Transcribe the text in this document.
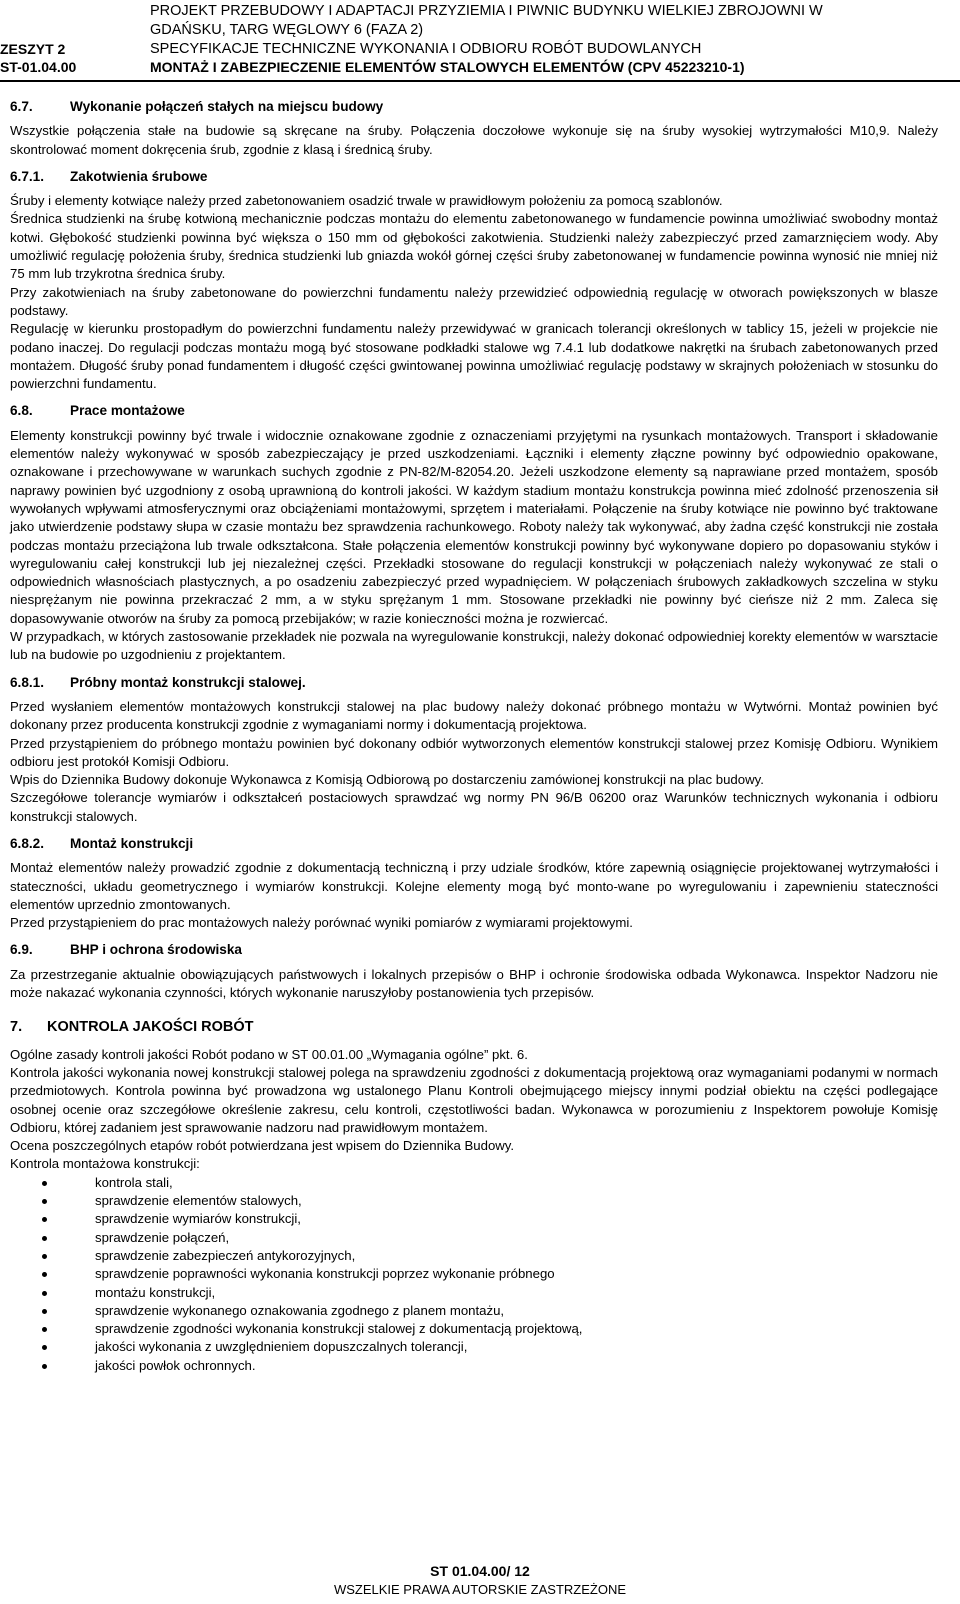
ZESZYT 2
ST-01.04.00
PROJEKT PRZEBUDOWY I ADAPTACJI PRZYZIEMIA I PIWNIC BUDYNKU WIELKIEJ ZBROJOWNI W
GDAŃSKU, TARG WĘGLOWY 6 (FAZA 2)
SPECYFIKACJE TECHNICZNE WYKONANIA I ODBIORU ROBÓT BUDOWLANYCH
MONTAŻ I ZABEZPIECZENIE ELEMENTÓW STALOWYCH ELEMENTÓW (CPV 45223210-1)
6.7.	Wykonanie połączeń stałych na miejscu budowy

Wszystkie połączenia stałe na budowie są skręcane na śruby. Połączenia doczołowe wykonuje się na śruby wysokiej wytrzymałości M10,9. Należy skontrolować moment dokręcenia śrub, zgodnie z klasą i średnicą śruby.

6.7.1. Zakotwienia śrubowe

Śruby i elementy kotwiące należy przed zabetonowaniem osadzić trwale w prawidłowym położeniu za pomocą szablonów.

Średnica studzienki na śrubę kotwioną mechanicznie podczas montażu do elementu zabetonowanego w fundamencie powinna umożliwiać swobodny montaż kotwi. Głębokość studzienki powinna być większa o 150 mm od głębokości zakotwienia. Studzienki należy zabezpieczyć przed zamarznięciem wody. Aby umożliwić regulację położenia śruby, średnica studzienki lub gniazda wokół górnej części śruby zabetonowanej w fundamencie powinna wynosić nie mniej niż 75 mm lub trzykrotna średnica śruby.

Przy zakotwieniach na śruby zabetonowane do powierzchni fundamentu należy przewidzieć odpowiednią regulację w otworach powiększonych w blasze podstawy.

Regulację w kierunku prostopadłym do powierzchni fundamentu należy przewidywać w granicach tolerancji określonych w tablicy 15, jeżeli w projekcie nie podano inaczej. Do regulacji podczas montażu mogą być stosowane podkładki stalowe wg 7.4.1 lub dodatkowe nakrętki na śrubach zabetonowanych przed montażem. Długość śruby ponad fundamentem i długość części gwintowanej powinna umożliwiać regulację podstawy w skrajnych położeniach w stosunku do powierzchni fundamentu.

6.8.	Prace montażowe

Elementy konstrukcji powinny być trwale i widocznie oznakowane zgodnie z oznaczeniami przyjętymi na rysunkach montażowych. Transport i składowanie elementów należy wykonywać w sposób zabezpieczający je przed uszkodzeniami. Łączniki i elementy złączne powinny być odpowiednio opakowane, oznakowane i przechowywane w warunkach suchych zgodnie z PN-82/M-82054.20. Jeżeli uszkodzone elementy są naprawiane przed montażem, sposób naprawy powinien być uzgodniony z osobą uprawnioną do kontroli jakości. W każdym stadium montażu konstrukcja powinna mieć zdolność przenoszenia sił wywołanych wpływami atmosferycznymi oraz obciążeniami montażowymi, sprzętem i materiałami. Połączenie na śruby kotwiące nie powinno być traktowane jako utwierdzenie podstawy słupa w czasie montażu bez sprawdzenia rachunkowego. Roboty należy tak wykonywać, aby żadna część konstrukcji nie została podczas montażu przeciążona lub trwale odkształcona. Stałe połączenia elementów konstrukcji powinny być wykonywane dopiero po dopasowaniu styków i wyregulowaniu całej konstrukcji lub jej niezależnej części. Przekładki stosowane do regulacji konstrukcji w połączeniach należy wykonywać ze stali o odpowiednich własnościach plastycznych, a po osadzeniu zabezpieczyć przed wypadnięciem. W połączeniach śrubowych zakładkowych szczelina w styku niesprężanym nie powinna przekraczać 2 mm, a w styku sprężanym 1 mm. Stosowane przekładki nie powinny być cieńsze niż 2 mm. Zaleca się dopasowywanie otworów na śruby za pomocą przebijaków; w razie konieczności można je rozwiercać.

W przypadkach, w których zastosowanie przekładek nie pozwala na wyregulowanie konstrukcji, należy dokonać odpowiedniej korekty elementów w warsztacie lub na budowie po uzgodnieniu z projektantem.

6.8.1. Próbny montaż konstrukcji stalowej.

Przed wysłaniem elementów montażowych konstrukcji stalowej na plac budowy należy dokonać próbnego montażu w Wytwórni. Montaż powinien być dokonany przez producenta konstrukcji zgodnie z wymaganiami normy i dokumentacją projektowa.

Przed przystąpieniem do próbnego montażu powinien być dokonany odbiór wytworzonych elementów konstrukcji stalowej przez Komisję Odbioru. Wynikiem odbioru jest protokół Komisji Odbioru.

Wpis do Dziennika Budowy dokonuje Wykonawca z Komisją Odbiorową po dostarczeniu zamówionej konstrukcji na plac budowy.

Szczegółowe tolerancje wymiarów i odkształceń postaciowych sprawdzać wg normy PN 96/B 06200 oraz Warunków technicznych wykonania i odbioru konstrukcji stalowych.

6.8.2. Montaż konstrukcji

Montaż elementów należy prowadzić zgodnie z dokumentacją techniczną i przy udziale środków, które zapewnią osiągnięcie projektowanej wytrzymałości i stateczności, układu geometrycznego i wymiarów konstrukcji. Kolejne elementy mogą być monto-wane po wyregulowaniu i zapewnieniu stateczności elementów uprzednio zmontowanych.

Przed przystąpieniem do prac montażowych należy porównać wyniki pomiarów z wymiarami projektowymi.

6.9.	BHP i ochrona środowiska

Za przestrzeganie aktualnie obowiązujących państwowych i lokalnych przepisów o BHP i ochronie środowiska odbada Wykonawca. Inspektor Nadzoru nie może nakazać wykonania czynności, których wykonanie naruszyłoby postanowienia tych przepisów.

7. KONTROLA JAKOŚCI ROBÓT

Ogólne zasady kontroli jakości Robót podano w ST 00.01.00 „Wymagania ogólne” pkt. 6.

Kontrola jakości wykonania nowej konstrukcji stalowej polega na sprawdzeniu zgodności z dokumentacją projektową oraz wymaganiami podanymi w normach przedmiotowych. Kontrola powinna być prowadzona wg ustalonego Planu Kontroli obejmującego miejscy innymi podział obiektu na części podlegające osobnej ocenie oraz szczegółowe określenie zakresu, celu kontroli, częstotliwości badan. Wykonawca w porozumieniu z Inspektorem powołuje Komisję Odbioru, której zadaniem jest sprawowanie nadzoru nad prawidłowym montażem.

Ocena poszczególnych etapów robót potwierdzana jest wpisem do Dziennika Budowy.

Kontrola montażowa konstrukcji:

kontrola stali,
sprawdzenie elementów stalowych,
sprawdzenie wymiarów konstrukcji,
sprawdzenie połączeń,
sprawdzenie zabezpieczeń antykorozyjnych,
sprawdzenie poprawności wykonania konstrukcji poprzez wykonanie próbnego
montażu konstrukcji,
sprawdzenie wykonanego oznakowania zgodnego z planem montażu,
sprawdzenie zgodności wykonania konstrukcji stalowej z dokumentacją projektową,
jakości wykonania z uwzględnieniem dopuszczalnych tolerancji,
jakości powłok ochronnych.
ST 01.04.00/ 12
WSZELKIE PRAWA AUTORSKIE ZASTRZEŻONE
